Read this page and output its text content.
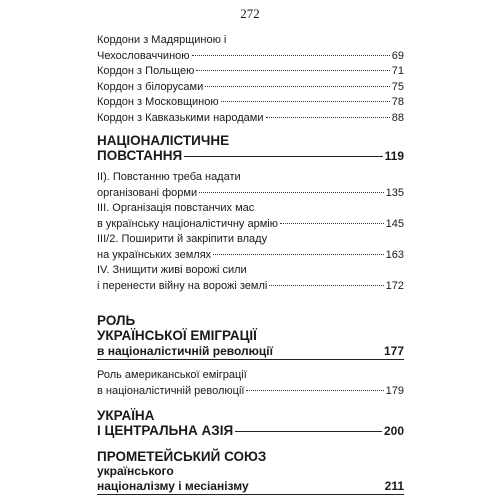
272
Кордони з Мадярщиною і
Чехословаччиною	69
Кордон з Польщею	71
Кордон з білорусами	75
Кордон з Московщиною	78
Кордон з Кавказькими народами	88
НАЦІОНАЛІСТИЧНЕ
ПОВСТАННЯ	119
II). Повстанню треба надати
організовані форми	135
III. Організація повстанчих мас
в українську націоналістичну армію	145
III/2. Поширити й закріпити владу
на українських землях	163
IV. Знищити живі ворожі сили
і перенести війну на ворожі землі	172
РОЛЬ
УКРАЇНСЬКОЇ ЕМІГРАЦІЇ
в націоналістичній революції	177
Роль американської еміграції
в націоналістичній революції	179
УКРАЇНА
І ЦЕНТРАЛЬНА АЗІЯ	200
ПРОМЕТЕЙСЬКИЙ СОЮЗ
українського
націоналізму і месіанізму	211
